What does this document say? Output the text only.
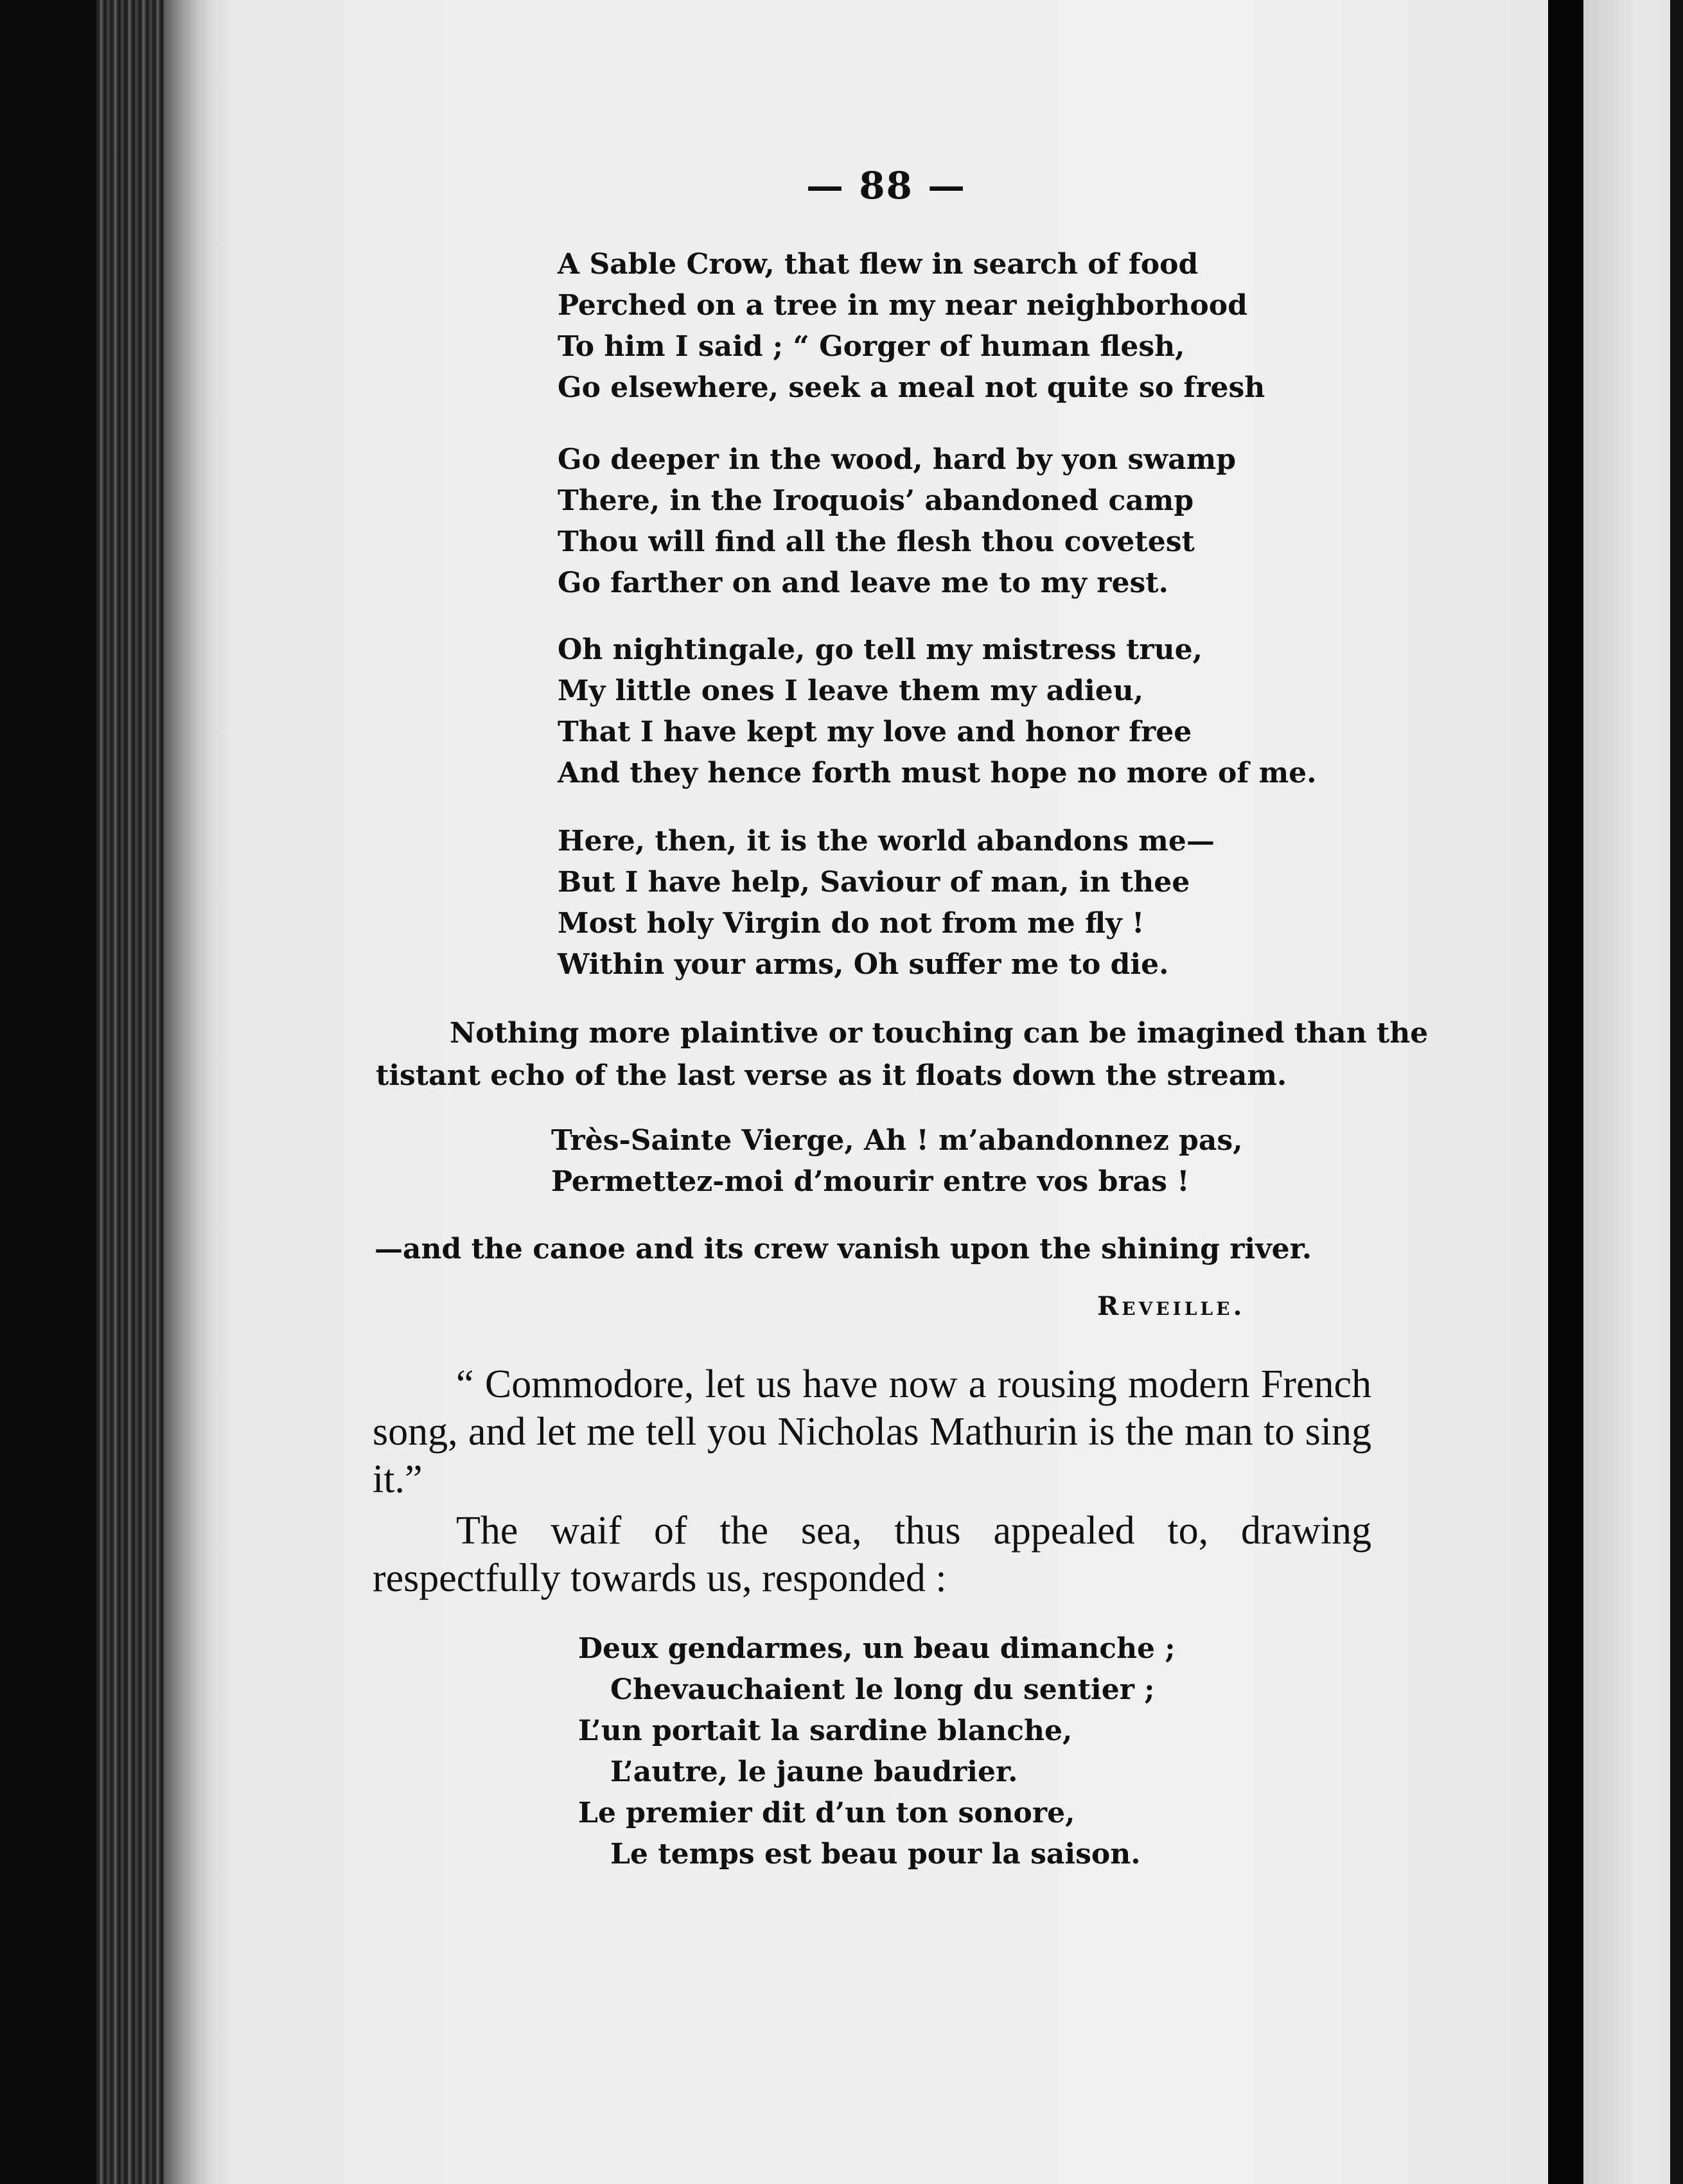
— 88 —
A Sable Crow, that flew in search of food
Perched on a tree in my near neighborhood
To him I said ; “ Gorger of human flesh,
Go elsewhere, seek a meal not quite so fresh
Go deeper in the wood, hard by yon swamp
There, in the Iroquois’ abandoned camp
Thou will find all the flesh thou covetest
Go farther on and leave me to my rest.
Oh nightingale, go tell my mistress true,
My little ones I leave them my adieu,
That I have kept my love and honor free
And they hence forth must hope no more of me.
Here, then, it is the world abandons me—
But I have help, Saviour of man, in thee
Most holy Virgin do not from me fly !
Within your arms, Oh suffer me to die.
Nothing more plaintive or touching can be imagined than the
tistant echo of the last verse as it floats down the stream.
Très-Sainte Vierge, Ah ! m’abandonnez pas,
Permettez-moi d’mourir entre vos bras !
—and the canoe and its crew vanish upon the shining river.
Reveille.

“ Commodore, let us have now a rousing modern French song, and let me tell you Nicholas Mathurin is the man to sing it.”

The waif of the sea, thus appealed to, drawing respectfully towards us, responded :

Deux gendarmes, un beau dimanche ;
Chevauchaient le long du sentier ;
L’un portait la sardine blanche,
L’autre, le jaune baudrier.
Le premier dit d’un ton sonore,
Le temps est beau pour la saison.
